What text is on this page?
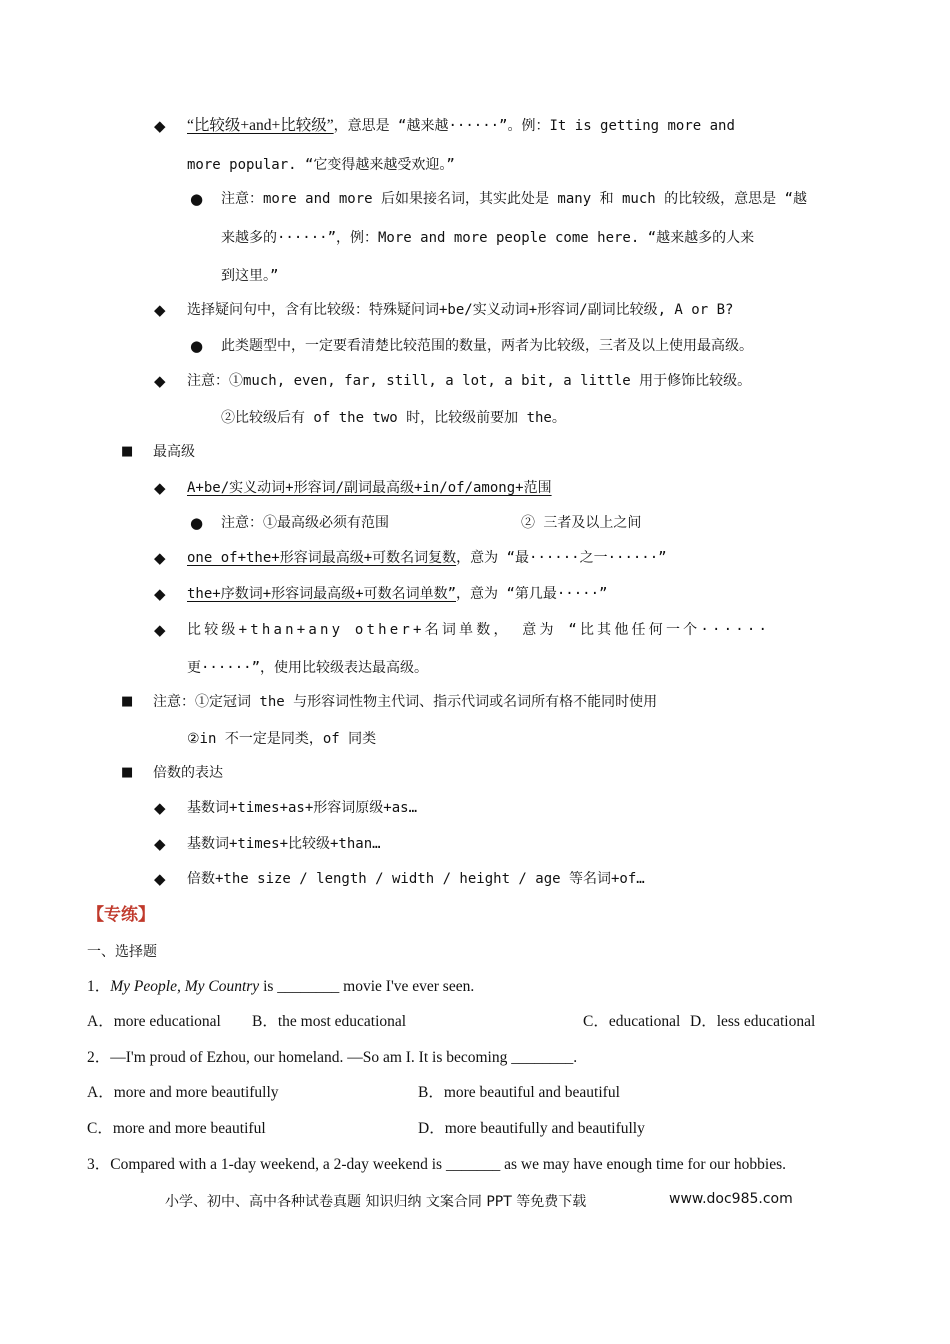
◆ “比较级+and+比较级”，意思是 “越来越······”。例：It is getting more and
more popular. “它变得越来越受欢迎。”
● 注意：more and more 后如果接名词，其实此处是 many 和 much 的比较级，意思是 “越
来越多的······”，例：More and more people come here. “越来越多的人来
到这里。”
◆ 选择疑问句中，含有比较级：特殊疑问词+be/实义动词+形容词/副词比较级, A or B?
● 此类题型中，一定要看清楚比较范围的数量，两者为比较级，三者及以上使用最高级。
◆ 注意：①much, even, far, still, a lot, a bit, a little 用于修饰比较级。
②比较级后有 of the two 时，比较级前要加 the。
■ 最高级
◆ A+be/实义动词+形容词/副词最高级+in/of/among+范围
● 注意：①最高级必须有范围	② 三者及以上之间
◆ one of+the+形容词最高级+可数名词复数，意为 “最······之一······”
◆ the+序数词+形容词最高级+可数名词单数”，意为 “第几最·····”
◆ 比较级+than+any other+名词单数， 意为 “比其他任何一个······
更······”，使用比较级表达最高级。
■ 注意：①定冠词 the 与形容词性物主代词、指示代词或名词所有格不能同时使用
②in 不一定是同类，of 同类
■ 倍数的表达
◆ 基数词+times+as+形容词原级+as…
◆ 基数词+times+比较级+than…
◆ 倍数+the size / length / width / height / age 等名词+of…
【专练】
一、选择题
1．My People, My Country is ________ movie I've ever seen.
A．more educational B．the most educational	C．educational D．less educational
2．—I'm proud of Ezhou, our homeland. —So am I. It is becoming ________.
A．more and more beautifully	B．more beautiful and beautiful
C．more and more beautiful	D．more beautifully and beautifully
3．Compared with a 1-day weekend, a 2-day weekend is _______ as we may have enough time for our hobbies.
小学、初中、高中各种试卷真题 知识归纳 文案合同 PPT 等免费下载	www.doc985.com
